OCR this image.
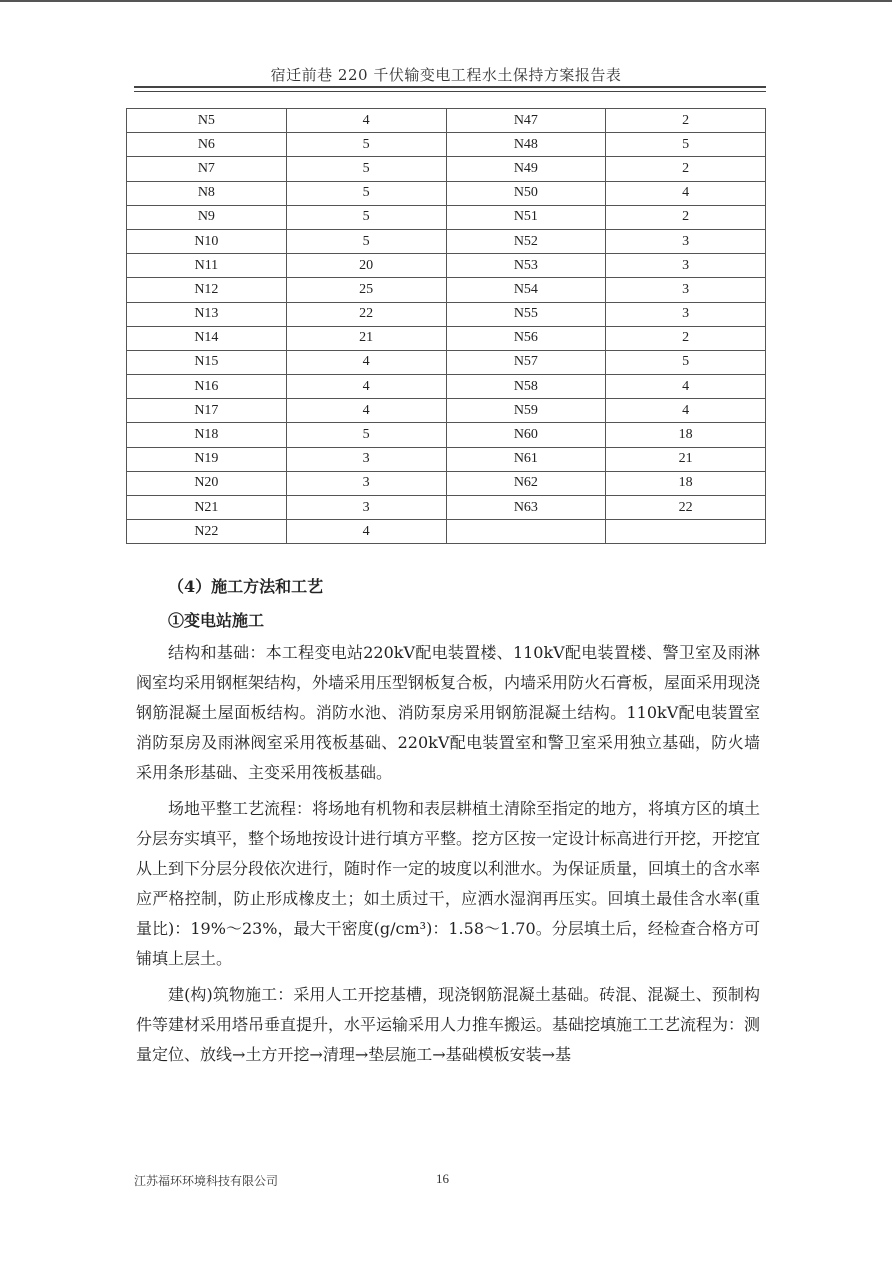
宿迁前巷 220 千伏输变电工程水土保持方案报告表
N5	4	N47	2
N6	5	N48	5
N7	5	N49	2
N8	5	N50	4
N9	5	N51	2
N10	5	N52	3
N11	20	N53	3
N12	25	N54	3
N13	22	N55	3
N14	21	N56	2
N15	4	N57	5
N16	4	N58	4
N17	4	N59	4
N18	5	N60	18
N19	3	N61	21
N20	3	N62	18
N21	3	N63	22
N22	4		
（4）施工方法和工艺
①变电站施工

结构和基础：本工程变电站220kV配电装置楼、110kV配电装置楼、警卫室及雨淋阀室均采用钢框架结构，外墙采用压型钢板复合板，内墙采用防火石膏板，屋面采用现浇钢筋混凝土屋面板结构。消防水池、消防泵房采用钢筋混凝土结构。110kV配电装置室消防泵房及雨淋阀室采用筏板基础、220kV配电装置室和警卫室采用独立基础，防火墙采用条形基础、主变采用筏板基础。

场地平整工艺流程：将场地有机物和表层耕植土清除至指定的地方，将填方区的填土分层夯实填平，整个场地按设计进行填方平整。挖方区按一定设计标高进行开挖，开挖宜从上到下分层分段依次进行，随时作一定的坡度以利泄水。为保证质量，回填土的含水率应严格控制，防止形成橡皮土；如土质过干，应洒水湿润再压实。回填土最佳含水率(重量比)：19%～23%，最大干密度(g/cm³)：1.58～1.70。分层填土后，经检查合格方可铺填上层土。

建(构)筑物施工：采用人工开挖基槽，现浇钢筋混凝土基础。砖混、混凝土、预制构件等建材采用塔吊垂直提升，水平运输采用人力推车搬运。基础挖填施工工艺流程为：测量定位、放线→土方开挖→清理→垫层施工→基础模板安装→基

江苏福环环境科技有限公司	16
